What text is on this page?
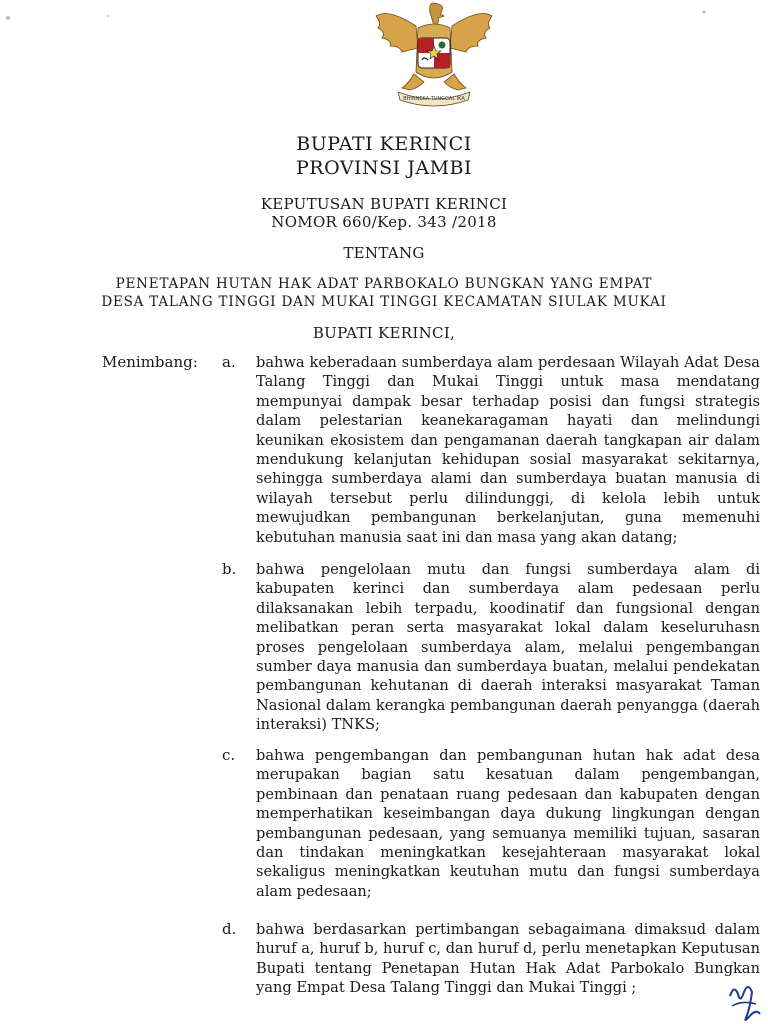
BHINNEKA TUNGGAL IKA
BUPATI KERINCI
PROVINSI JAMBI
KEPUTUSAN BUPATI KERINCI
NOMOR 660/Kep. 343 /2018
TENTANG
PENETAPAN HUTAN HAK ADAT PARBOKALO BUNGKAN YANG EMPAT
DESA TALANG TINGGI DAN MUKAI TINGGI KECAMATAN SIULAK MUKAI
BUPATI KERINCI,
Menimbang: a. bahwa keberadaan sumberdaya alam perdesaan Wilayah Adat Desa Talang Tinggi dan Mukai Tinggi untuk masa mendatang mempunyai dampak besar terhadap posisi dan fungsi strategis dalam pelestarian keanekaragaman hayati dan melindungi keunikan ekosistem dan pengamanan daerah tangkapan air dalam mendukung kelanjutan kehidupan sosial masyarakat sekitarnya, sehingga sumberdaya alami dan sumberdaya buatan manusia di wilayah tersebut perlu dilindunggi, di kelola lebih untuk mewujudkan pembangunan berkelanjutan, guna memenuhi kebutuhan manusia saat ini dan masa yang akan datang;
b. bahwa pengelolaan mutu dan fungsi sumberdaya alam di kabupaten kerinci dan sumberdaya alam pedesaan perlu dilaksanakan lebih terpadu, koodinatif dan fungsional dengan melibatkan peran serta masyarakat lokal dalam keseluruhasn proses pengelolaan sumberdaya alam, melalui pengembangan sumber daya manusia dan sumberdaya buatan, melalui pendekatan pembangunan kehutanan di daerah interaksi masyarakat Taman Nasional dalam kerangka pembangunan daerah penyangga (daerah interaksi) TNKS;
c. bahwa pengembangan dan pembangunan hutan hak adat desa merupakan bagian satu kesatuan dalam pengembangan, pembinaan dan penataan ruang pedesaan dan kabupaten dengan memperhatikan keseimbangan daya dukung lingkungan dengan pembangunan pedesaan, yang semuanya memiliki tujuan, sasaran dan tindakan meningkatkan kesejahteraan masyarakat lokal sekaligus meningkatkan keutuhan mutu dan fungsi sumberdaya alam pedesaan;
d. bahwa berdasarkan pertimbangan sebagaimana dimaksud dalam huruf a, huruf b, huruf c, dan huruf d, perlu menetapkan Keputusan Bupati tentang Penetapan Hutan Hak Adat Parbokalo Bungkan yang Empat Desa Talang Tinggi dan Mukai Tinggi ;
